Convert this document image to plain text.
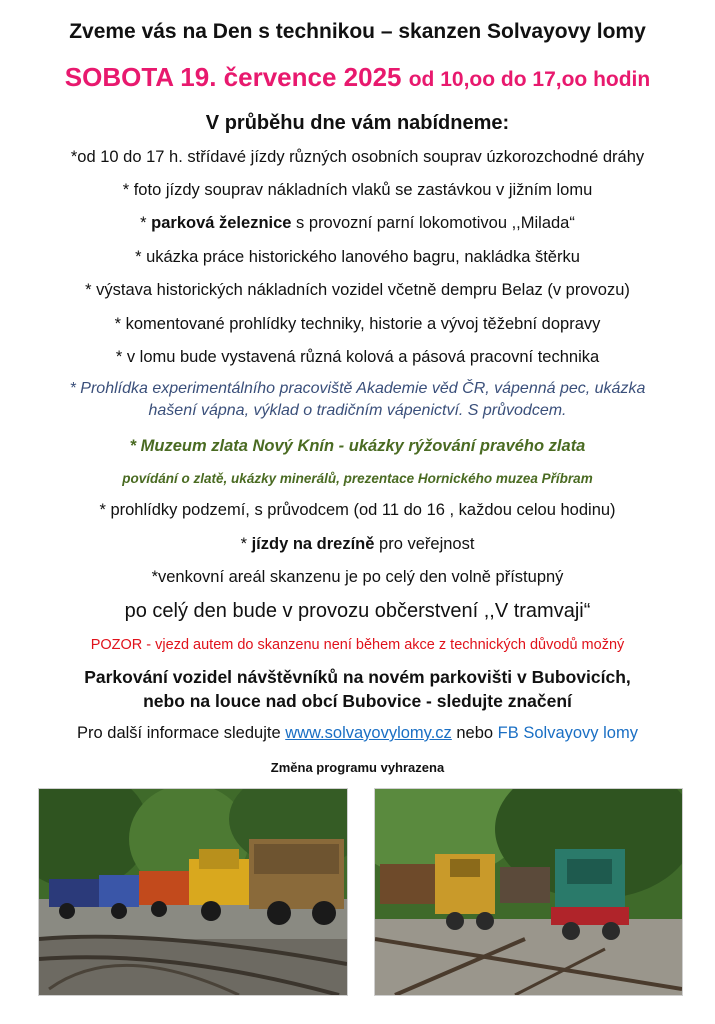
Zveme vás na Den s technikou – skanzen Solvayovy lomy
SOBOTA 19. července 2025 od 10,oo do 17,oo hodin
V průběhu dne vám nabídneme:
*od 10 do 17 h. střídavé jízdy různých osobních souprav úzkorozchodné dráhy
* foto jízdy souprav nákladních vlaků se zastávkou v jižním lomu
* parková železnice s provozní parní lokomotivou ,,Milada“
* ukázka práce historického lanového bagru, nakládka štěrku
* výstava historických nákladních vozidel včetně dempru Belaz (v provozu)
* komentované prohlídky techniky, historie a vývoj těžební dopravy
* v lomu bude vystavená různá kolová a pásová pracovní technika
* Prohlídka experimentálního pracoviště Akademie věd ČR, vápenná pec, ukázka
hašení vápna, výklad o tradičním vápenictví. S průvodcem.
* Muzeum zlata Nový Knín - ukázky rýžování pravého zlata
povídání o zlatě, ukázky minerálů, prezentace Hornického muzea Příbram
* prohlídky podzemí, s průvodcem (od 11 do 16 , každou celou hodinu)
* jízdy na drezíně pro veřejnost
*venkovní areál skanzenu je po celý den volně přístupný
po celý den bude v provozu občerstvení ,,V tramvaji“
POZOR - vjezd autem do skanzenu není během akce z technických důvodů možný
Parkování vozidel návštěvníků na novém parkovišti v Bubovicích,
nebo na louce nad obcí Bubovice - sledujte značení
Pro další informace sledujte www.solvayovylomy.cz nebo FB Solvayovy lomy
Změna programu vyhrazena
